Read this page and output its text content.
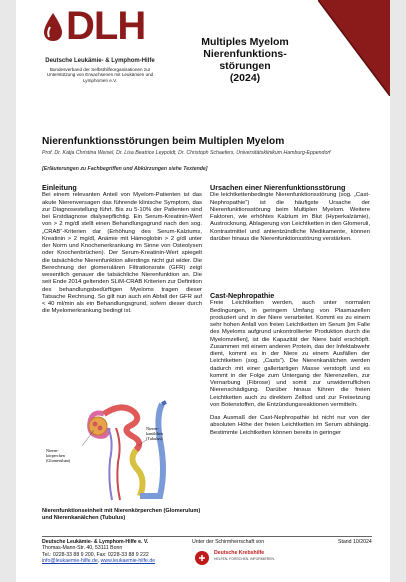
DLH
Deutsche Leukämie- & Lymphom-Hilfe
Bundesverband der Selbsthilfeorganisationen zur Unterstützung von Erwachsenen mit Leukämien und Lymphomen e.V.
Multiples Myelom
Nierenfunktions-
störungen
(2024)
Nierenfunktionsstörungen beim Multiplen Myelom
Prof. Dr. Katja Christina Weisel, Dr. Lisa Beatrice Leypoldt, Dr. Christoph Schaefers, Universitätsklinikum Hamburg-Eppendorf
[Erläuterungen zu Fachbegriffen und Abkürzungen siehe Textende]
Einleitung

Bei einem relevanten Anteil von Myelom-Patienten ist das akute Nierenversagen das führende klinische Symptom, das zur Diagnosestellung führt. Bis zu 5-10% der Patienten sind bei Erstdiagnose dialysepflichtig. Ein Serum-Kreatinin-Wert von > 2 mg/dl stellt einen Behandlungsgrund nach den sog. „CRAB“-Kriterien dar (Erhöhung des Serum-Kalziums, Kreatinin > 2 mg/dl, Anämie mit Hämoglobin > 2 g/dl unter der Norm und Knochenerkrankung im Sinne von Osteolysen oder Knochenbrüchen). Der Serum-Kreatinin-Wert spiegelt die tatsächliche Nierenfunktion allerdings nicht gut wider. Die Berechnung der glomerulären Filtrationsrate (GFR) zeigt wesentlich genauer die tatsächliche Nierenfunktion an. Die seit Ende 2014 geltenden SLiM-CRAB Kriterien zur Definition des behandlungsbedürftigen Myeloms tragen dieser Tatsache Rechnung. So gilt nun auch ein Abfall der GFR auf < 40 ml/min als ein Behandlungsgrund, sofern dieser durch die Myelomerkrankung bedingt ist.

Ursachen einer Nierenfunktionsstörung

Die leichtkettenbedingte Nierenfunktionsstörung (sog. „Cast-Nephropathie“) ist die häufigste Ursache der Nierenfunktionsstörung beim Multiplen Myelom. Weitere Faktoren, wie erhöhtes Kalzium im Blut (Hyperkalzämie), Austrocknung, Ablagerung von Leichtketten in den Glomeruli, Kontrastmittel und antientzündliche Medikamente, können darüber hinaus die Nierenfunktionsstörung verstärken.

Cast-Nephropathie

Freie Leichtketten werden, auch unter normalen Bedingungen, in geringem Umfang von Plasmazellen produziert und in der Niere verarbeitet. Kommt es zu einem sehr hohen Anfall von freien Leichtketten im Serum [im Falle des Myeloms aufgrund unkontrollierter Produktion durch die Myelomzellen], ist die Kapazität der Niere bald erschöpft. Zusammen mit einem anderen Protein, das der Infektabwehr dient, kommt es in der Niere zu einem Ausfällen der Leichtketten (sog. „Casts“). Die Nierenkanälchen werden dadurch mit einer gallertartigen Masse verstopft und es kommt in der Folge zum Untergang der Nierenzellen, zur Vernarbung (Fibrose) und somit zur unwiderruflichen Nierenschädigung. Darüber hinaus führen die freien Leichtketten auch zu direktem Zelltod und zur Freisetzung von Botenstoffen, die Entzündungsreaktionen vermitteln.

Das Ausmaß der Cast-Nephropathie ist nicht nur von der absoluten Höhe der freien Leichtketten im Serum abhängig. Bestimmte Leichtketten können bereits in geringer

Nieren-
körperchen
(Glomerulum)
Nieren-
kanälchen
(Tubulus)
Nierenfunktionseinheit mit Nierenkörperchen (Glomerulum) und Nierenkanälchen (Tubulus)
Deutsche Leukämie- & Lymphom-Hilfe e. V.
Thomas-Mann-Str. 40, 53111 Bonn
Tel.: 0228-33 88 9 200, Fax: 0228-33 88 9 222
info@leukaemie-hilfe.de, www.leukaemie-hilfe.de
Unter der Schirmherrschaft von
Deutsche Krebshilfe
HELFEN. FORSCHEN. INFORMIEREN.
Stand 10/2024
